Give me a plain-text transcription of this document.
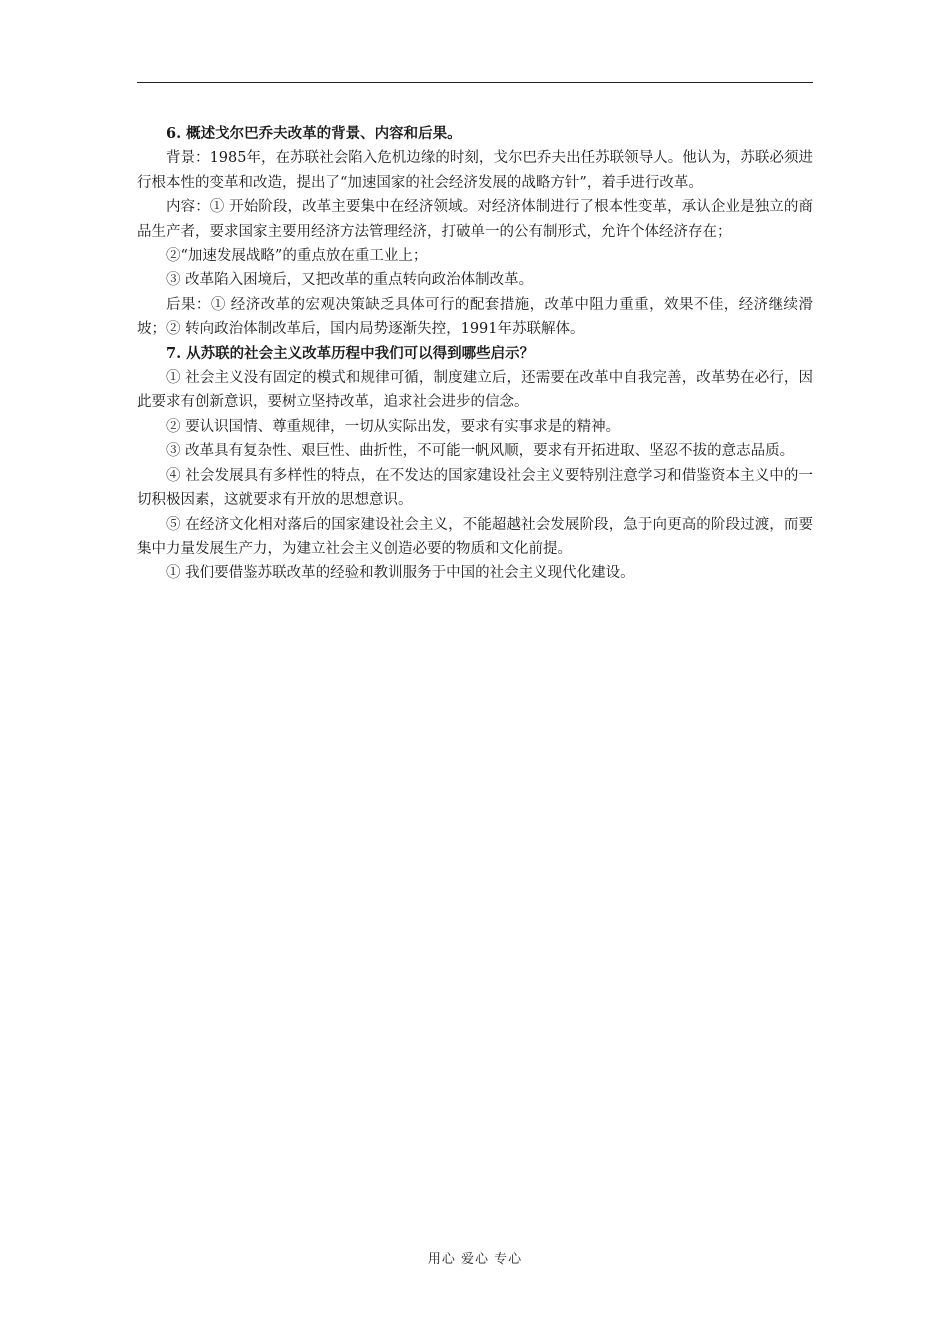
6. 概述戈尔巴乔夫改革的背景、内容和后果。

背景：1985年，在苏联社会陷入危机边缘的时刻，戈尔巴乔夫出任苏联领导人。他认为，苏联必须进行根本性的变革和改造，提出了“加速国家的社会经济发展的战略方针”，着手进行改革。

内容：① 开始阶段，改革主要集中在经济领域。对经济体制进行了根本性变革，承认企业是独立的商品生产者，要求国家主要用经济方法管理经济，打破单一的公有制形式，允许个体经济存在；

②“加速发展战略”的重点放在重工业上；

③ 改革陷入困境后，又把改革的重点转向政治体制改革。

后果：① 经济改革的宏观决策缺乏具体可行的配套措施，改革中阻力重重，效果不佳，经济继续滑坡；② 转向政治体制改革后，国内局势逐渐失控，1991年苏联解体。

7. 从苏联的社会主义改革历程中我们可以得到哪些启示？

① 社会主义没有固定的模式和规律可循，制度建立后，还需要在改革中自我完善，改革势在必行，因此要求有创新意识，要树立坚持改革，追求社会进步的信念。

② 要认识国情、尊重规律，一切从实际出发，要求有实事求是的精神。

③ 改革具有复杂性、艰巨性、曲折性，不可能一帆风顺，要求有开拓进取、坚忍不拔的意志品质。

④ 社会发展具有多样性的特点，在不发达的国家建设社会主义要特别注意学习和借鉴资本主义中的一切积极因素，这就要求有开放的思想意识。

⑤ 在经济文化相对落后的国家建设社会主义，不能超越社会发展阶段，急于向更高的阶段过渡，而要集中力量发展生产力，为建立社会主义创造必要的物质和文化前提。

① 我们要借鉴苏联改革的经验和教训服务于中国的社会主义现代化建设。

用心 爱心 专心
